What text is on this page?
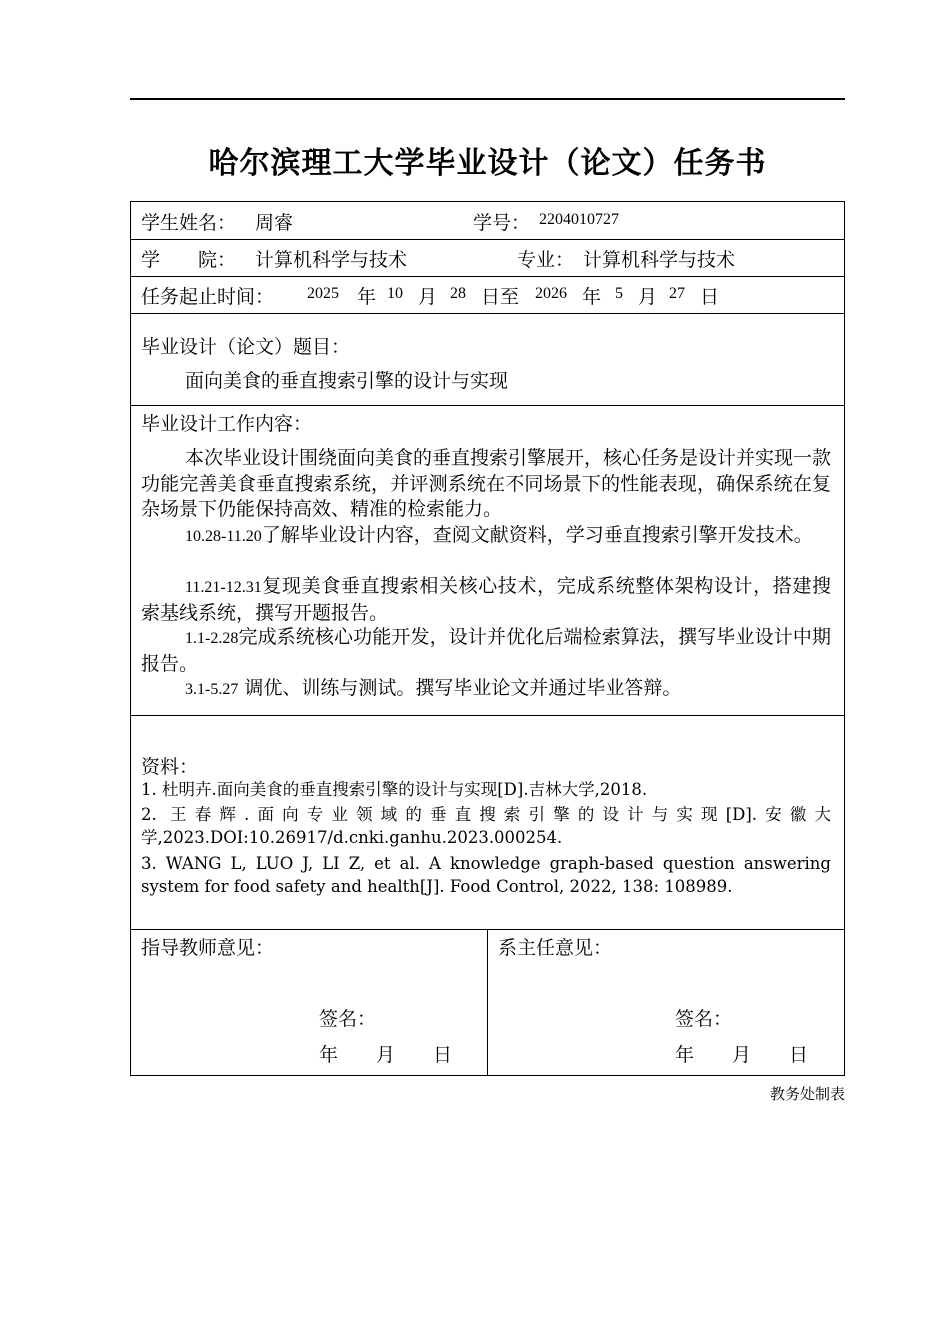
哈尔滨理工大学毕业设计（论文）任务书
学生姓名： 周睿	学号： 2204010727
学　　院： 计算机科学与技术	专业： 计算机科学与技术
任务起止时间： 2025 年 10 月 28 日至 2026 年 5 月 27 日
毕业设计（论文）题目：
面向美食的垂直搜索引擎的设计与实现
毕业设计工作内容：
本次毕业设计围绕面向美食的垂直搜索引擎展开，核心任务是设计并实现一款功能完善美食垂直搜索系统，并评测系统在不同场景下的性能表现，确保系统在复杂场景下仍能保持高效、精准的检索能力。
10.28-11.20了解毕业设计内容，查阅文献资料，学习垂直搜索引擎开发技术。
11.21-12.31复现美食垂直搜索相关核心技术，完成系统整体架构设计，搭建搜索基线系统，撰写开题报告。
1.1-2.28完成系统核心功能开发，设计并优化后端检索算法，撰写毕业设计中期报告。
3.1-5.27 调优、训练与测试。撰写毕业论文并通过毕业答辩。
资料：
1. 杜明卉.面向美食的垂直搜索引擎的设计与实现[D].吉林大学,2018.
2. 王春辉.面向专业领域的垂直搜索引擎的设计与实现[D].安徽大学,2023.DOI:10.26917/d.cnki.ganhu.2023.000254.
3. WANG L, LUO J, LI Z, et al. A knowledge graph-based question answering system for food safety and health[J]. Food Control, 2022, 138: 108989.
指导教师意见：
签名：
年　　月　　日
系主任意见：
签名：
年　　月　　日
教务处制表
